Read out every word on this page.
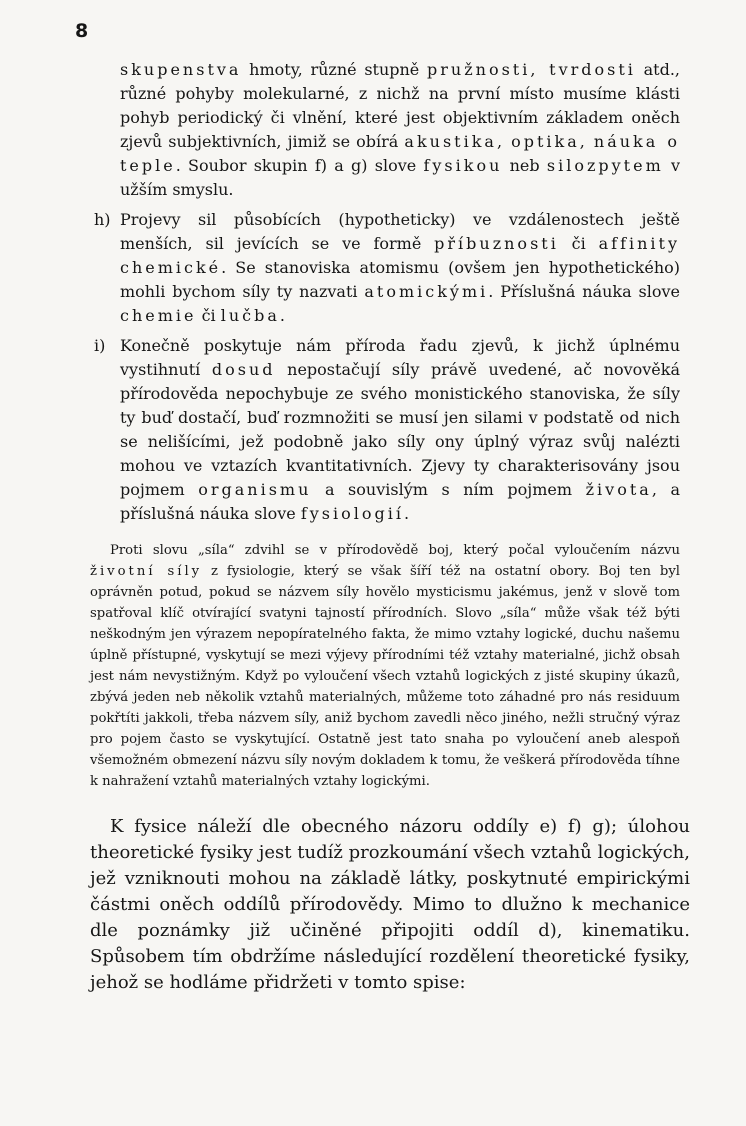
8

skupenstva hmoty, různé stupně pružnosti, tvrdosti atd., různé pohyby molekularné, z nichž na první místo musíme klásti pohyb periodický či vlnění, které jest objektivním základem oněch zjevů subjektivních, jimiž se obírá akustika, optika, náuka o teple. Soubor skupin f) a g) slove fysikou neb silozpytem v užším smyslu.

h) Projevy sil působících (hypotheticky) ve vzdálenostech ještě menších, sil jevících se ve formě příbuznosti či affinity chemické. Se stanoviska atomismu (ovšem jen hypothetického) mohli bychom síly ty nazvati atomickými. Příslušná náuka slove chemie či lučba.

i) Konečně poskytuje nám příroda řadu zjevů, k jichž úplnému vystihnutí dosud nepostačují síly právě uvedené, ač novověká přírodověda nepochybuje ze svého monistického stanoviska, že síly ty buď dostačí, buď rozmnožiti se musí jen silami v podstatě od nich se nelišícími, jež podobně jako síly ony úplný výraz svůj nalézti mohou ve vztazích kvantitativních. Zjevy ty charakterisovány jsou pojmem organismu a souvislým s ním pojmem života, a příslušná náuka slove fysiologií.

Proti slovu „síla“ zdvihl se v přírodovědě boj, který počal vyloučením názvu životní síly z fysiologie, který se však šíří též na ostatní obory. Boj ten byl oprávněn potud, pokud se názvem síly hovělo mysticismu jakémus, jenž v slově tom spatřoval klíč otvírající svatyni tajností přírodních. Slovo „síla“ může však též býti neškodným jen výrazem nepopíratelného fakta, že mimo vztahy logické, duchu našemu úplně přístupné, vyskytují se mezi výjevy přírodními též vztahy materialné, jichž obsah jest nám nevystižným. Když po vyloučení všech vztahů logických z jisté skupiny úkazů, zbývá jeden neb několik vztahů materialných, můžeme toto záhadné pro nás residuum pokřtíti jakkoli, třeba názvem síly, aniž bychom zavedli něco jiného, nežli stručný výraz pro pojem často se vyskytující. Ostatně jest tato snaha po vyloučení aneb alespoň všemožném obmezení názvu síly novým dokladem k tomu, že veškerá přírodověda tíhne k nahražení vztahů materialných vztahy logickými.

K fysice náleží dle obecného názoru oddíly e) f) g); úlohou theoretické fysiky jest tudíž prozkoumání všech vztahů logických, jež vzniknouti mohou na základě látky, poskytnuté empirickými částmi oněch oddílů přírodovědy. Mimo to dlužno k mechanice dle poznámky již učiněné připojiti oddíl d), kinematiku. Spůsobem tím obdržíme následující rozdělení theoretické fysiky, jehož se hodláme přidržeti v tomto spise:
